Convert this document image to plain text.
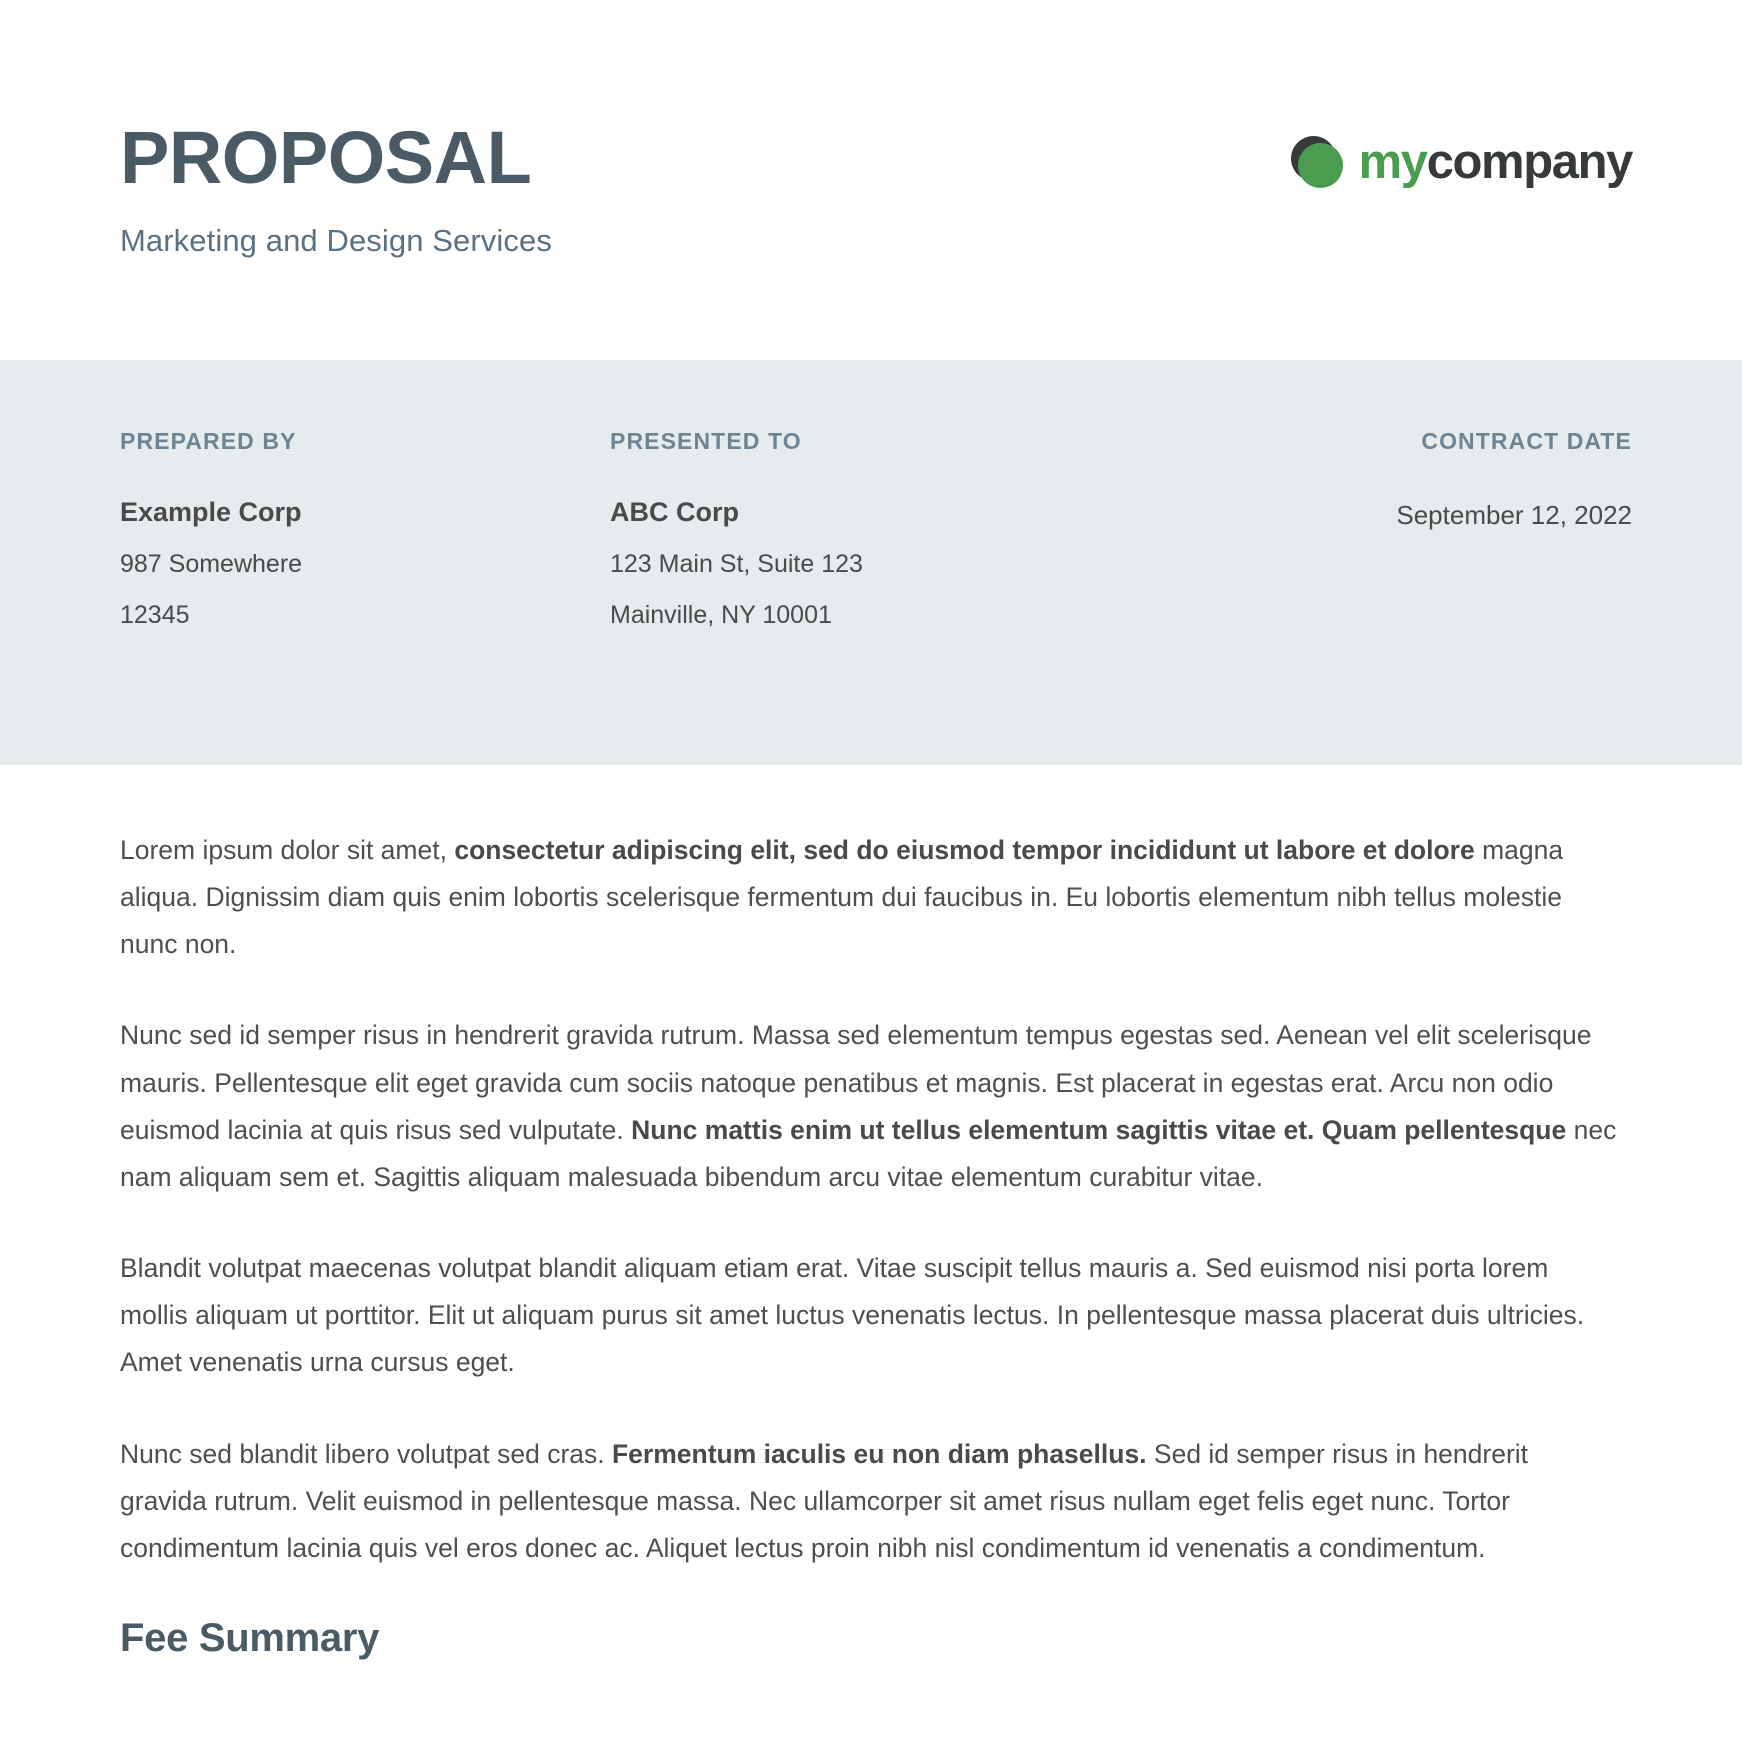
PROPOSAL
Marketing and Design Services
mycompany
PREPARED BY
Example Corp
987 Somewhere
12345
PRESENTED TO
ABC Corp
123 Main St, Suite 123
Mainville, NY 10001
CONTRACT DATE
September 12, 2022

Lorem ipsum dolor sit amet, consectetur adipiscing elit, sed do eiusmod tempor incididunt ut labore et dolore magna aliqua. Dignissim diam quis enim lobortis scelerisque fermentum dui faucibus in. Eu lobortis elementum nibh tellus molestie nunc non.

Nunc sed id semper risus in hendrerit gravida rutrum. Massa sed elementum tempus egestas sed. Aenean vel elit scelerisque mauris. Pellentesque elit eget gravida cum sociis natoque penatibus et magnis. Est placerat in egestas erat. Arcu non odio euismod lacinia at quis risus sed vulputate. Nunc mattis enim ut tellus elementum sagittis vitae et. Quam pellentesque nec nam aliquam sem et. Sagittis aliquam malesuada bibendum arcu vitae elementum curabitur vitae.

Blandit volutpat maecenas volutpat blandit aliquam etiam erat. Vitae suscipit tellus mauris a. Sed euismod nisi porta lorem mollis aliquam ut porttitor. Elit ut aliquam purus sit amet luctus venenatis lectus. In pellentesque massa placerat duis ultricies. Amet venenatis urna cursus eget.

Nunc sed blandit libero volutpat sed cras. Fermentum iaculis eu non diam phasellus. Sed id semper risus in hendrerit gravida rutrum. Velit euismod in pellentesque massa. Nec ullamcorper sit amet risus nullam eget felis eget nunc. Tortor condimentum lacinia quis vel eros donec ac. Aliquet lectus proin nibh nisl condimentum id venenatis a condimentum.

Fee Summary
